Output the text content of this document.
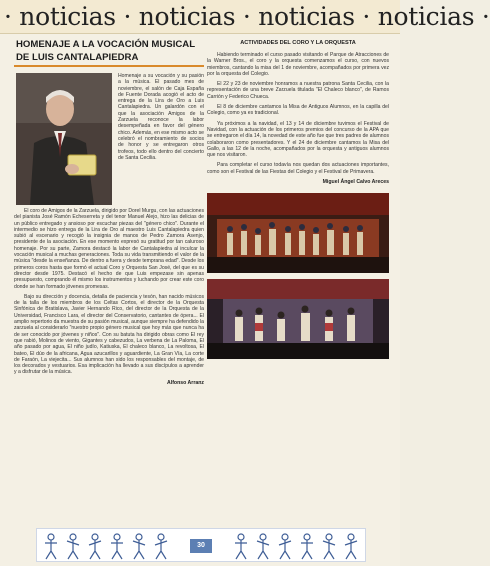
· noticias · noticias · noticias · noticias ·
HOMENAJE A LA VOCACIÓN MUSICAL DE LUIS CANTALAPIEDRA

Homenaje a su vocación y su pasión a la música. El pasado mes de noviembre, el salón de Caja España de Fuente Dorada acogió el acto de entrega de la Lira de Oro a Luis Cantalapiedra. Un galardón con el que la asociación Amigos de la Zarzuela reconoce la labor desempeñada en favor del género chico. Además, en ese mismo acto se celebró el nombramiento de socios de honor y se entregaron otros trofeos, todo ello dentro del concierto de Santa Cecilia.

El coro de Amigos de la Zarzuela, dirigido por Dorel Murgu, con las actuaciones del pianista José Ramón Echeserreta y del tenor Manuel Alejo, hizo las delicias de un público entregado y ansioso por escuchar piezas del "género chico". Durante el intermedio se hizo entrega de la Lira de Oro al maestro Luis Cantalapiedra quien subió al escenario y recogió la insignia de manos de Pedro Zamora Asenjo, presidente de la asociación. En ese momento expresó su gratitud por tan caluroso homenaje. Por su parte, Zamora destacó la labor de Cantalapiedra al inculcar la vocación musical a muchas generaciones. Toda su vida transmitiendo el valor de la música "desde la enseñanza. De dentro a fuera y desde temprana edad". Desde los primeros coros hasta que formó el actual Coro y Orquesta San José, del que es su director desde 1975. Destacó el hecho de que Luis empezase sin apenas presupuesto, comprando él mismo los instrumentos y luchando por crear este coro donde se han formado jóvenes promesas.

Bajo su dirección y docencia, detalla de paciencia y tesón, han nacido músicos de la talla de los miembros de los Celtas Cortos, el director de la Orquesta Sinfónica de Bratislava, Javier Hernando Rico, del director de la Orquesta de la Universidad, Francisco Lara, el director del Conservatorio, cantantes de ópera... El amplio repertorio da muestra de su pasión musical, aunque siempre ha defendido la zarzuela al considerarlo "nuestro propio género musical que hoy más que nunca ha de ser conocido por jóvenes y niños". Con su batuta ha dirigido obras como El rey que rabió, Molinos de viento, Gigantes y cabezudos, La verbena de La Paloma, El año pasado por agua, El niño judío, Katiuska, El chaleco blanco, La revoltosa, El bateo, El dúo de la africana, Agua azucarillos y aguardiente, La Gran Vía, La corte de Faraón, La viejecita... Sus alumnos han sido los responsables del montaje, de los decorados y vestuarios. Esa implicación ha llevado a sus discípulos a aprender y a disfrutar de la música.

Alfonso Arranz
ACTIVIDADES DEL CORO Y LA ORQUESTA

Habiendo terminado el curso pasado visitando el Parque de Atracciones de la Warner Bros., el coro y la orquesta comenzamos el curso, con nuevos miembros, cantando la misa del 1 de noviembre, acompañados por primera vez por la orquesta del Colegio.

El 22 y 23 de noviembre honramos a nuestra patrona Santa Cecilia, con la representación de una breve Zarzuela titulada "El Chaleco blanco", de Ramos Carrión y Federico Chueca.

El 8 de diciembre cantamos la Misa de Antiguos Alumnos, en la capilla del Colegio, como ya es tradicional.

Ya próximos a la navidad, el 13 y 14 de diciembre tuvimos el Festival de Navidad, con la actuación de los primeros premios del concurso de la APA que se entregaron el día 14, la novedad de este año fue que tres padres de alumnos colaboraron como presentadores. Y el 24 de diciembre cantamos la Misa del Gallo, a las 12 de la noche, acompañados por la orquesta y antiguos alumnos que nos visitaron.

Para completar el curso todavía nos quedan dos actuaciones importantes, como son el Festival de las Fiestas del Colegio y el Festival de Primavera.

Miguel Ángel Calvo Areces
30
